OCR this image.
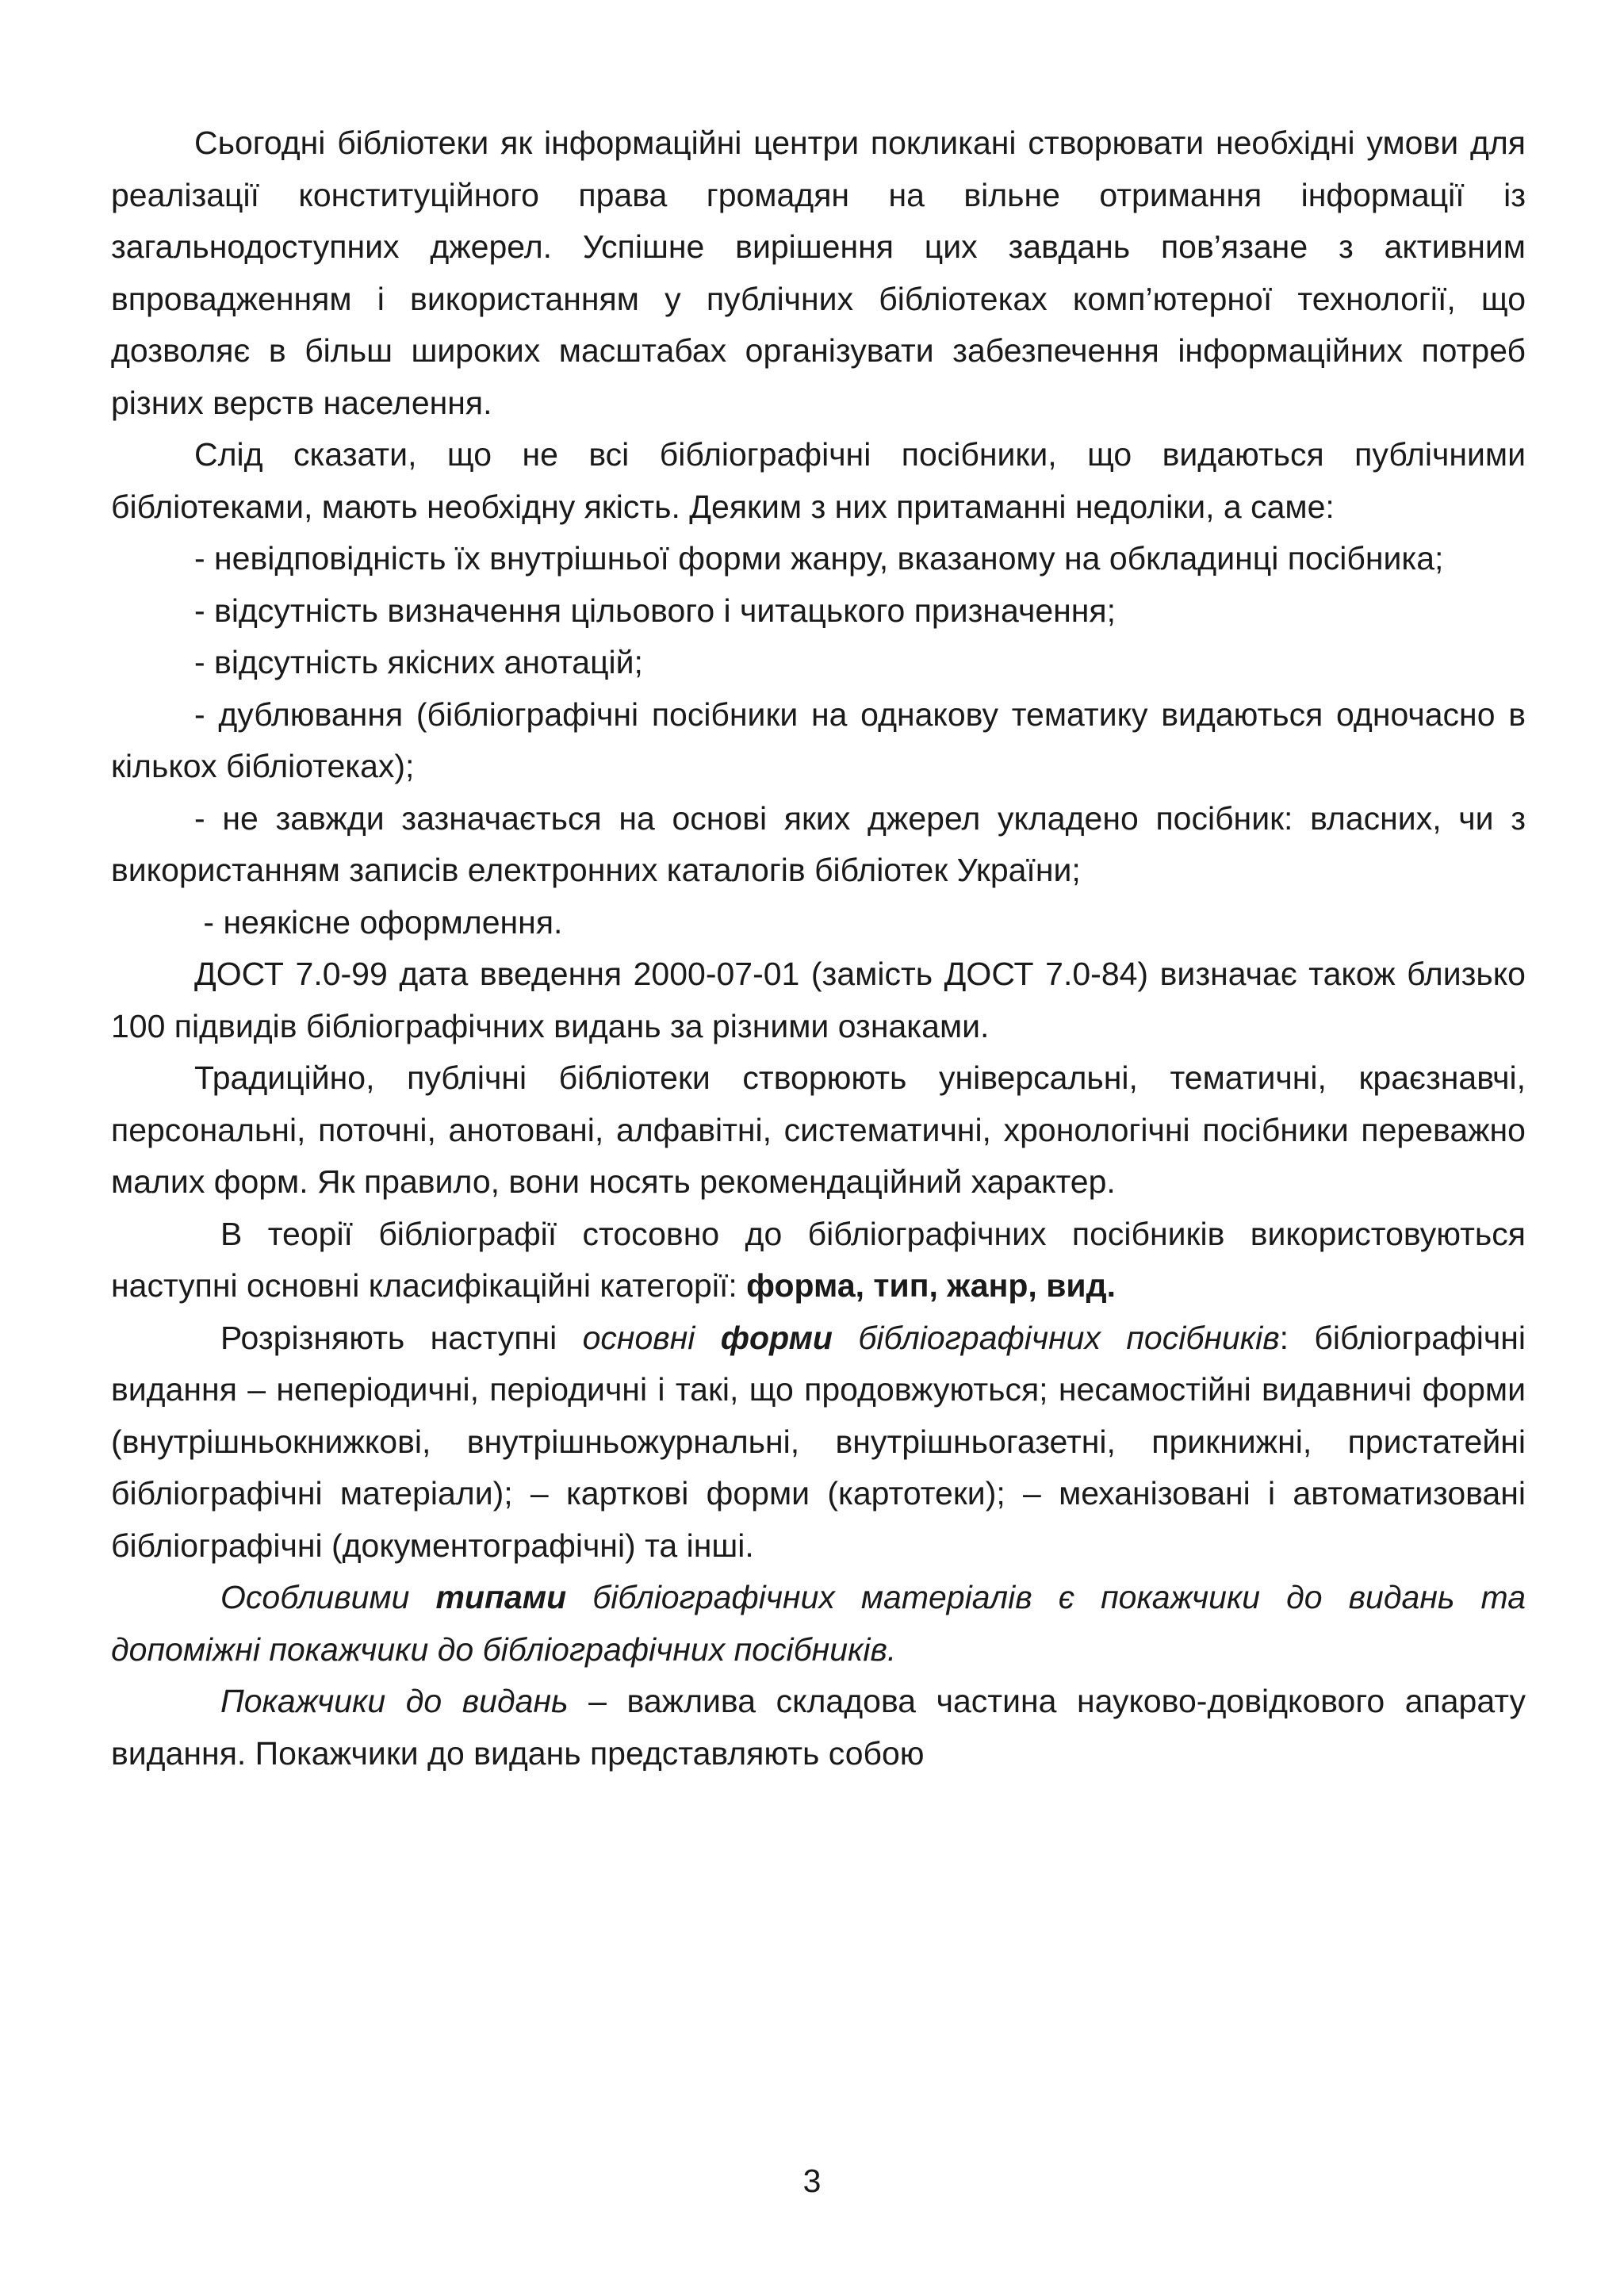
Сьогодні бібліотеки як інформаційні центри покликані створювати необхідні умови для реалізації конституційного права громадян на вільне отримання інформації із загальнодоступних джерел. Успішне вирішення цих завдань пов’язане з активним впровадженням і використанням у публічних бібліотеках комп’ютерної технології, що дозволяє в більш широких масштабах організувати забезпечення інформаційних потреб різних верств населення.

Слід сказати, що не всі бібліографічні посібники, що видаються публічними бібліотеками, мають необхідну якість. Деяким з них притаманні недоліки, а саме:

- невідповідність їх внутрішньої форми жанру, вказаному на обкладинці посібника;

- відсутність визначення цільового і читацького призначення;

- відсутність якісних анотацій;

- дублювання (бібліографічні посібники на однакову тематику видаються одночасно в кількох бібліотеках);

- не завжди зазначається на основі яких джерел укладено посібник: власних, чи з використанням записів електронних каталогів бібліотек України;

- неякісне оформлення.

ДОСТ 7.0-99 дата введення 2000-07-01 (замість ДОСТ 7.0-84) визначає також близько 100 підвидів бібліографічних видань за різними ознаками.

Традиційно, публічні бібліотеки створюють універсальні, тематичні, краєзнавчі, персональні, поточні, анотовані, алфавітні, систематичні, хронологічні посібники переважно малих форм. Як правило, вони носять рекомендаційний характер.

В теорії бібліографії стосовно до бібліографічних посібників використовуються наступні основні класифікаційні категорії: форма, тип, жанр, вид.

Розрізняють наступні основні форми бібліографічних посібників: бібліографічні видання – неперіодичні, періодичні і такі, що продовжуються; несамостійні видавничі форми (внутрішньокнижкові, внутрішньожурнальні, внутрішньогазетні, прикнижні, пристатейні бібліографічні матеріали); – карткові форми (картотеки); – механізовані і автоматизовані бібліографічні (документографічні) та інші.

Особливими типами бібліографічних матеріалів є покажчики до видань та допоміжні покажчики до бібліографічних посібників.

Покажчики до видань – важлива складова частина науково-довідкового апарату видання. Покажчики до видань представляють собою

3
